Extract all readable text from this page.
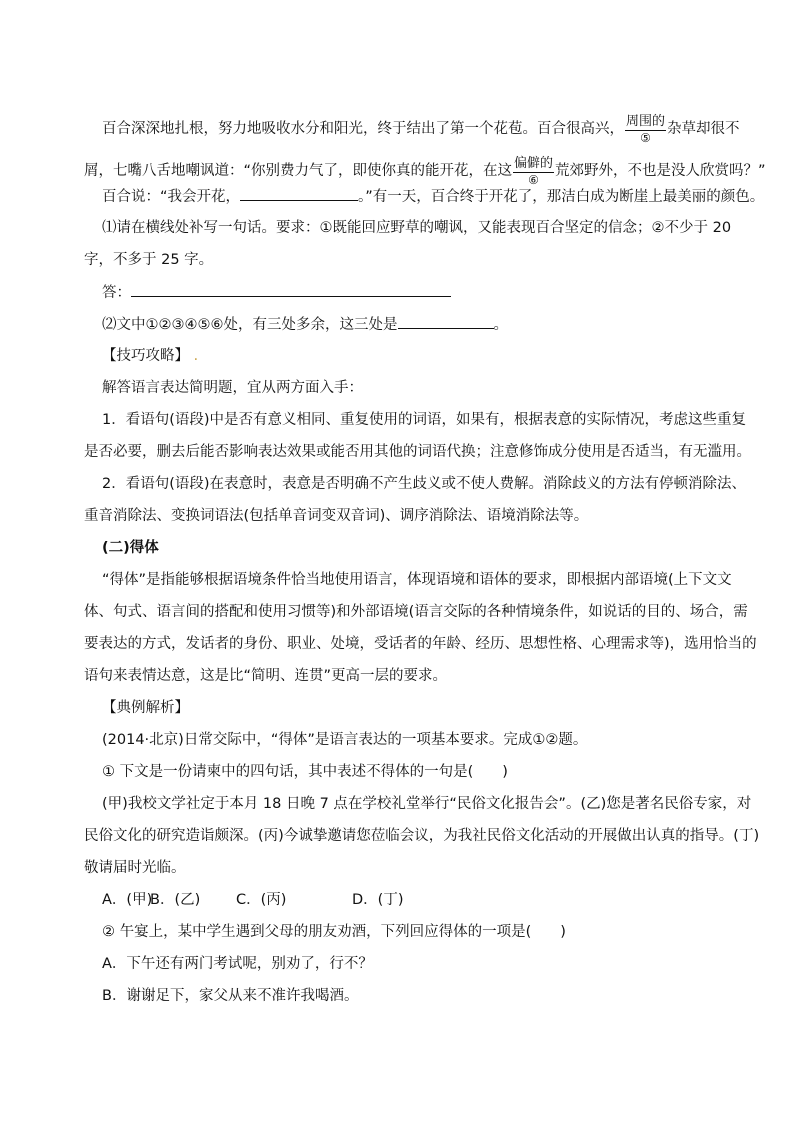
百合深深地扎根，努力地吸收水分和阳光，终于结出了第一个花苞。百合很高兴， 周围的
⑤
杂草却很不
屑，七嘴八舌地嘲讽道：“你别费力气了，即使你真的能开花，在这 偏僻的
⑥
荒郊野外，不也是没人欣赏吗？”
百合说：“我会开花，	。”有一天，百合终于开花了，那洁白成为断崖上最美丽的颜色。
⑴请在横线处补写一句话。要求：①既能回应野草的嘲讽，又能表现百合坚定的信念；②不少于 20
字，不多于 25 字。
答：
⑵文中①②③④⑤⑥处，有三处多余，这三处是	。
【技巧攻略】 .
解答语言表达简明题，宜从两方面入手：
1．看语句(语段)中是否有意义相同、重复使用的词语，如果有，根据表意的实际情况，考虑这些重复
是否必要，删去后能否影响表达效果或能否用其他的词语代换；注意修饰成分使用是否适当，有无滥用。
2．看语句(语段)在表意时，表意是否明确不产生歧义或不使人费解。消除歧义的方法有停顿消除法、
重音消除法、变换词语法(包括单音词变双音词)、调序消除法、语境消除法等。
(二)得体
“得体”是指能够根据语境条件恰当地使用语言，体现语境和语体的要求，即根据内部语境(上下文文
体、句式、语言间的搭配和使用习惯等)和外部语境(语言交际的各种情境条件，如说话的目的、场合，需
要表达的方式，发话者的身份、职业、处境，受话者的年龄、经历、思想性格、心理需求等)，选用恰当的
语句来表情达意，这是比“简明、连贯”更高一层的要求。
【典例解析】
(2014·北京)日常交际中，“得体”是语言表达的一项基本要求。完成①②题。
① 下文是一份请柬中的四句话，其中表述不得体的一句是(　　)
(甲)我校文学社定于本月 18 日晚 7 点在学校礼堂举行“民俗文化报告会”。(乙)您是著名民俗专家，对
民俗文化的研究造诣颇深。(丙)今诚挚邀请您莅临会议，为我社民俗文化活动的开展做出认真的指导。(丁)
敬请届时光临。
A．(甲)
B．(乙) C．(丙)	D．(丁)
② 午宴上，某中学生遇到父母的朋友劝酒，下列回应得体的一项是(　　)
A．下午还有两门考试呢，别劝了，行不？
B．谢谢足下，家父从来不准许我喝酒。
